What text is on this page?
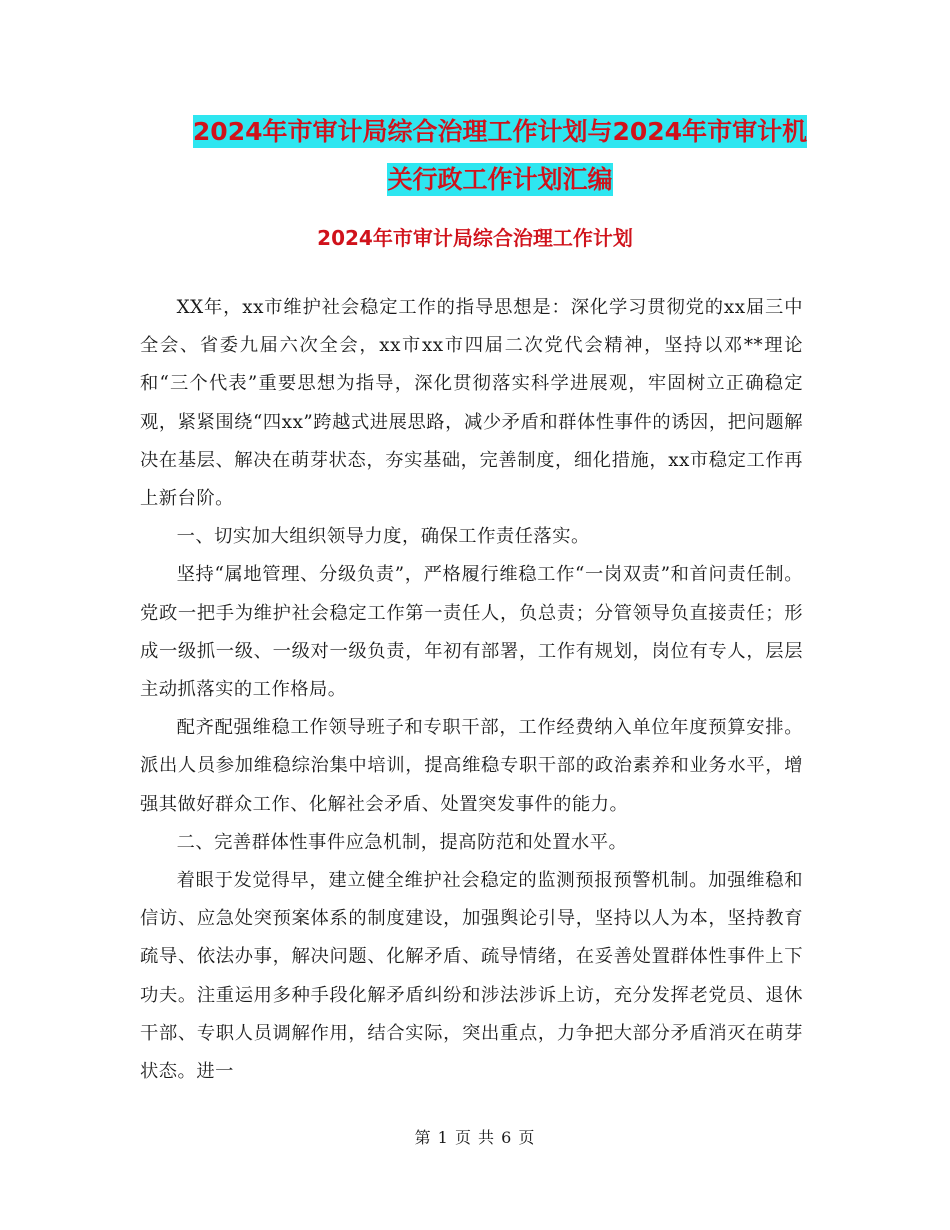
2024年市审计局综合治理工作计划与2024年市审计机
关行政工作计划汇编
2024年市审计局综合治理工作计划

XX年，xx市维护社会稳定工作的指导思想是：深化学习贯彻党的xx届三中全会、省委九届六次全会，xx市xx市四届二次党代会精神，坚持以邓**理论和“三个代表”重要思想为指导，深化贯彻落实科学进展观，牢固树立正确稳定观，紧紧围绕“四xx”跨越式进展思路，减少矛盾和群体性事件的诱因，把问题解决在基层、解决在萌芽状态，夯实基础，完善制度，细化措施，xx市稳定工作再上新台阶。

一、切实加大组织领导力度，确保工作责任落实。

坚持“属地管理、分级负责”，严格履行维稳工作“一岗双责”和首问责任制。党政一把手为维护社会稳定工作第一责任人，负总责；分管领导负直接责任；形成一级抓一级、一级对一级负责，年初有部署，工作有规划，岗位有专人，层层主动抓落实的工作格局。

配齐配强维稳工作领导班子和专职干部，工作经费纳入单位年度预算安排。派出人员参加维稳综治集中培训，提高维稳专职干部的政治素养和业务水平，增强其做好群众工作、化解社会矛盾、处置突发事件的能力。

二、完善群体性事件应急机制，提高防范和处置水平。

着眼于发觉得早，建立健全维护社会稳定的监测预报预警机制。加强维稳和信访、应急处突预案体系的制度建设，加强舆论引导，坚持以人为本，坚持教育疏导、依法办事，解决问题、化解矛盾、疏导情绪，在妥善处置群体性事件上下功夫。注重运用多种手段化解矛盾纠纷和涉法涉诉上访，充分发挥老党员、退休干部、专职人员调解作用，结合实际，突出重点，力争把大部分矛盾消灭在萌芽状态。进一

第 1 页 共 6 页
